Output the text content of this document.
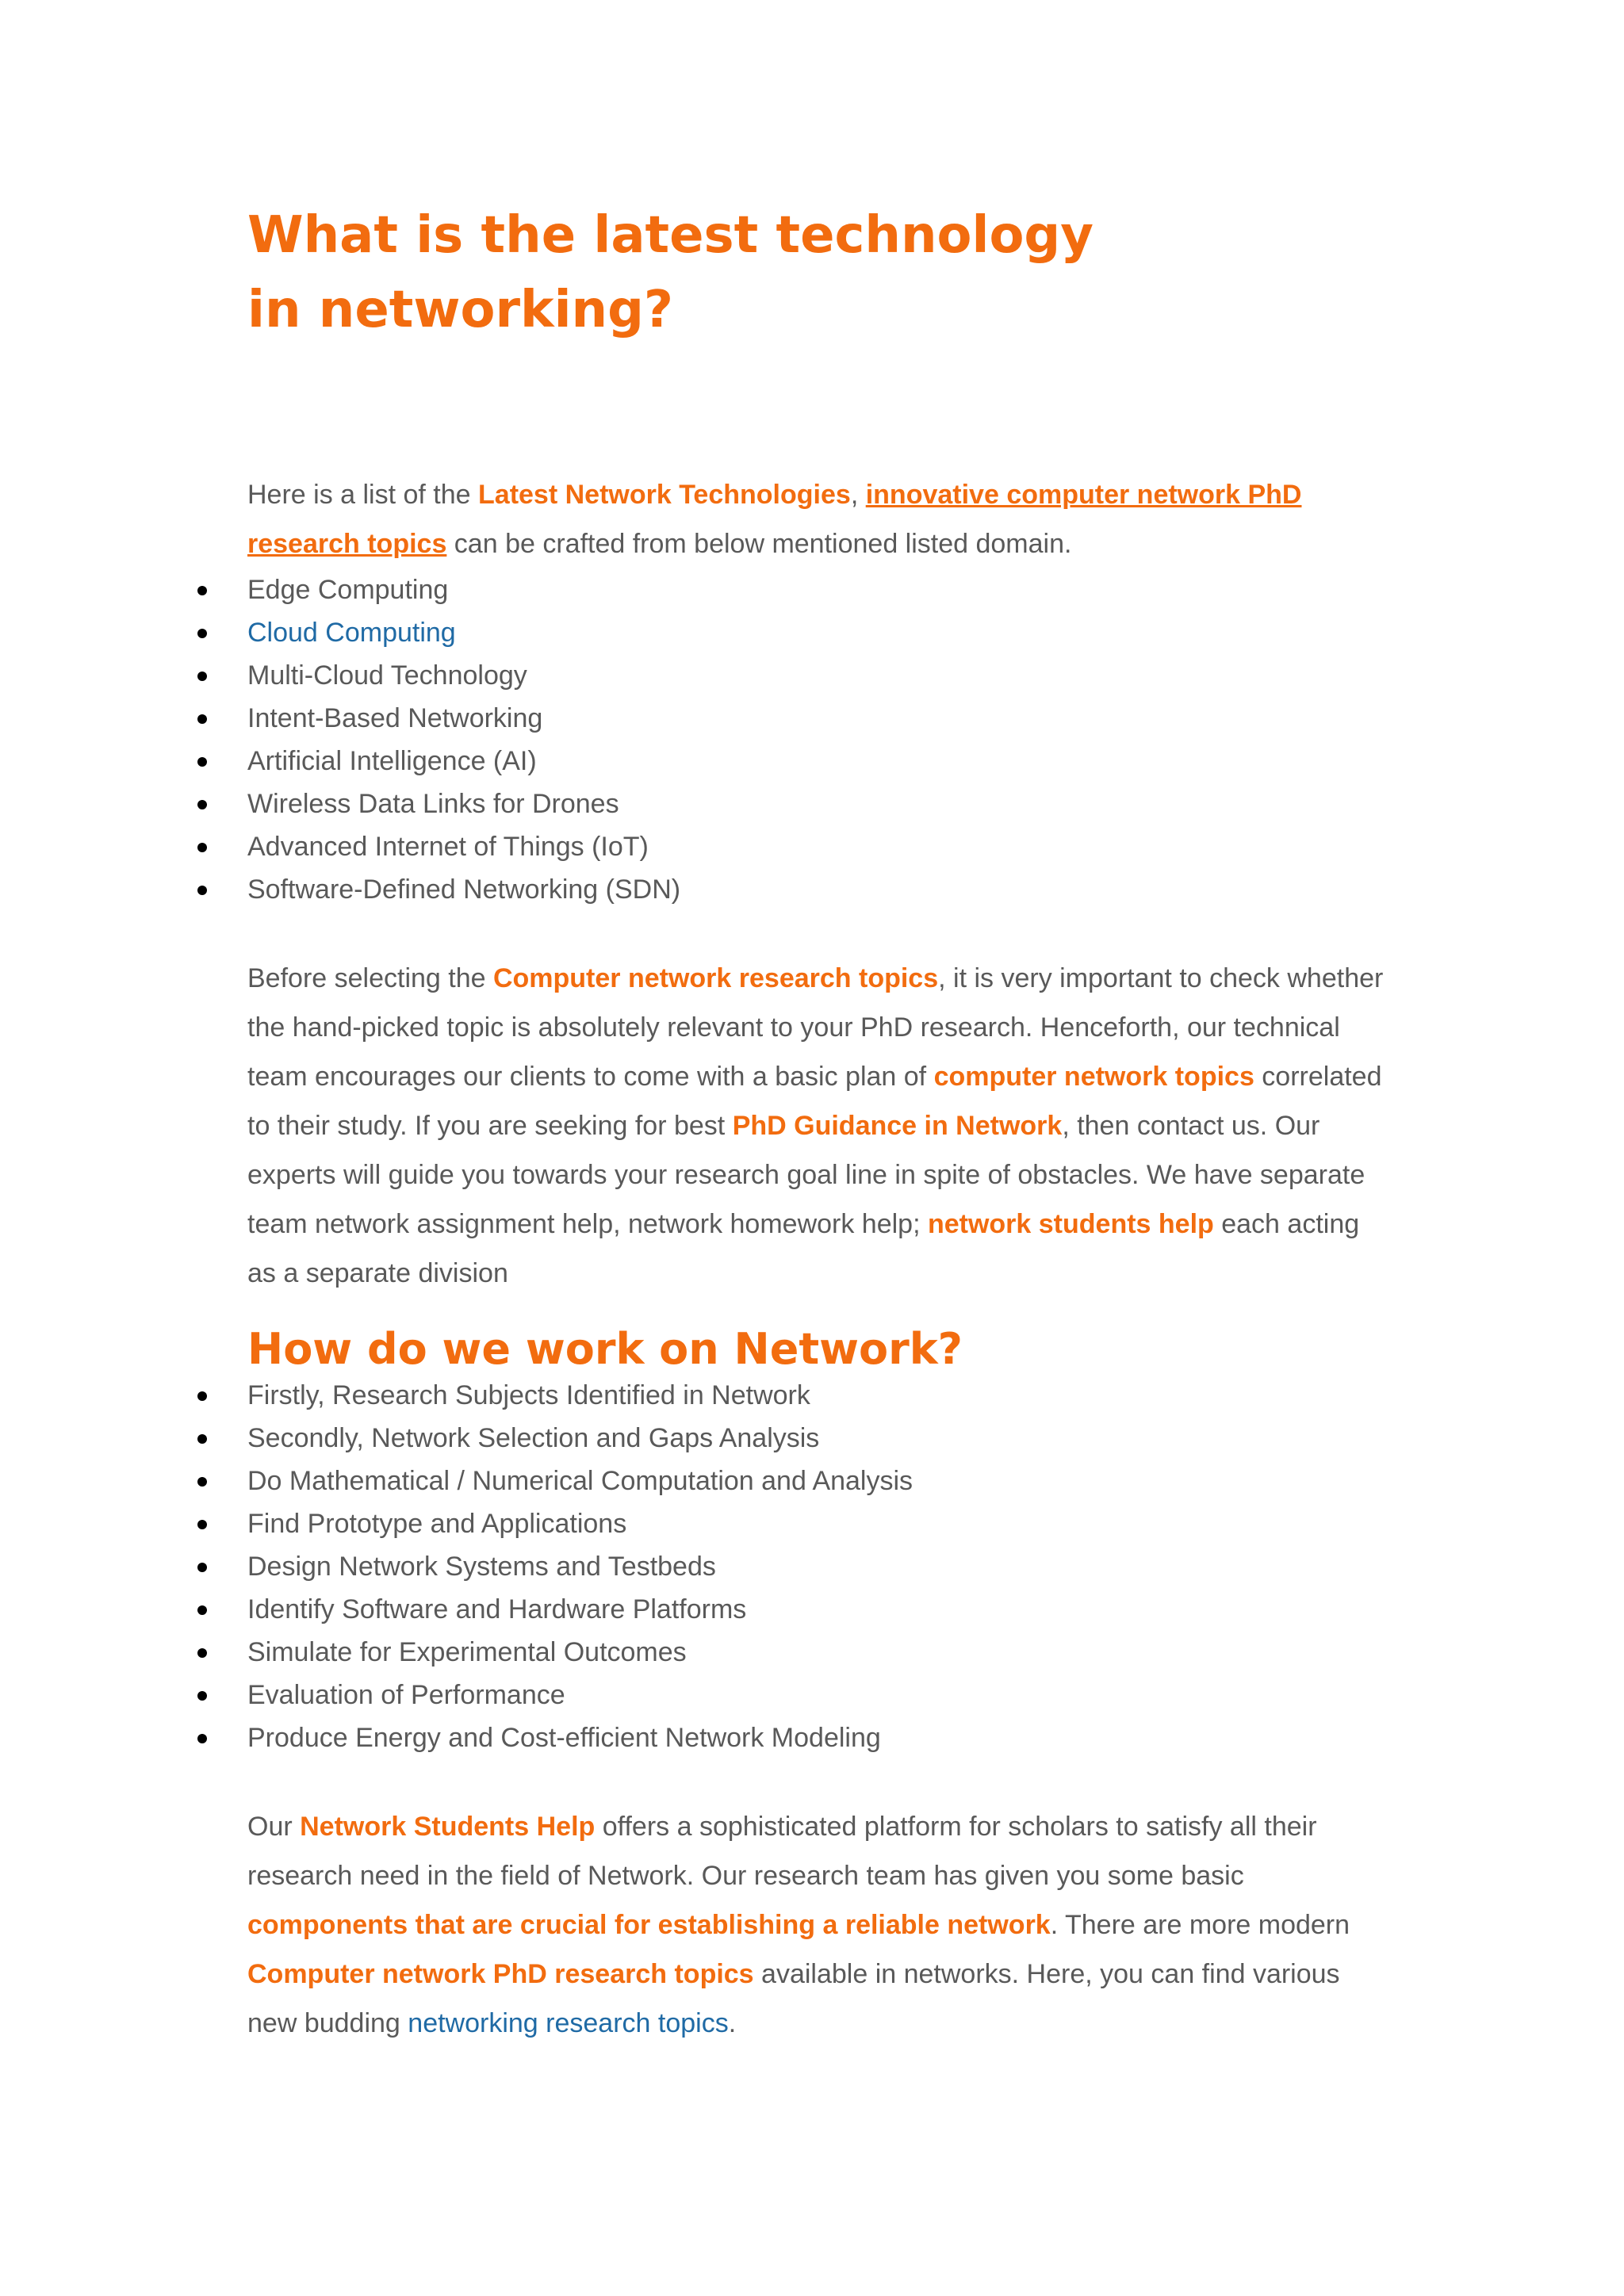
What is the latest technology in networking?

Here is a list of the Latest Network Technologies, innovative computer network PhD research topics can be crafted from below mentioned listed domain.

Edge Computing
Cloud Computing
Multi-Cloud Technology
Intent-Based Networking
Artificial Intelligence (AI)
Wireless Data Links for Drones
Advanced Internet of Things (IoT)
Software-Defined Networking (SDN)

Before selecting the Computer network research topics, it is very important to check whether the hand-picked topic is absolutely relevant to your PhD research. Henceforth, our technical team encourages our clients to come with a basic plan of computer network topics correlated to their study. If you are seeking for best PhD Guidance in Network, then contact us. Our experts will guide you towards your research goal line in spite of obstacles. We have separate team network assignment help, network homework help; network students help each acting as a separate division

How do we work on Network?
Firstly, Research Subjects Identified in Network
Secondly, Network Selection and Gaps Analysis
Do Mathematical / Numerical Computation and Analysis
Find Prototype and Applications
Design Network Systems and Testbeds
Identify Software and Hardware Platforms
Simulate for Experimental Outcomes
Evaluation of Performance
Produce Energy and Cost-efficient Network Modeling

Our Network Students Help offers a sophisticated platform for scholars to satisfy all their research need in the field of Network. Our research team has given you some basic components that are crucial for establishing a reliable network. There are more modern Computer network PhD research topics available in networks. Here, you can find various new budding networking research topics.
